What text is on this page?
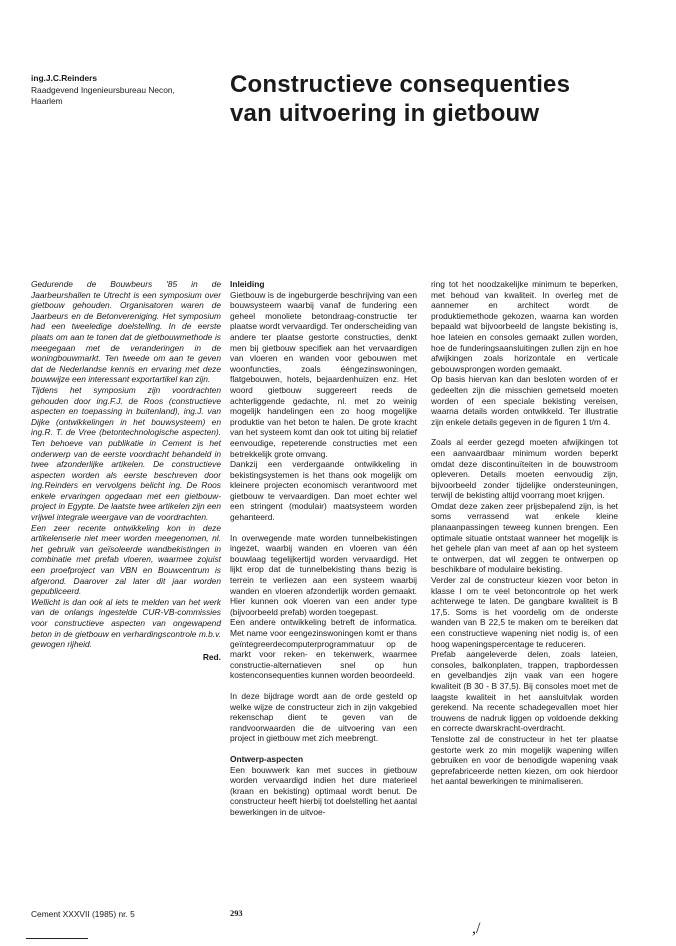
ing.J.C.Reinders
Raadgevend Ingenieursbureau Necon,
Haarlem
Constructieve consequenties
van uitvoering in gietbouw

Gedurende de Bouwbeurs '85 in de Jaarbeurshallen te Utrecht is een symposium over gietbouw gehouden. Organisatoren waren de Jaarbeurs en de Betonvereniging. Het symposium had een tweeledige doelstelling. In de eerste plaats om aan te tonen dat de gietbouwmethode is meegegaan met de veranderingen in de woningbouwmarkt. Ten tweede om aan te geven dat de Nederlandse kennis en ervaring met deze bouwwijze een interessant exportartikel kan zijn.

Tijdens het symposium zijn voordrachten gehouden door ing.F.J. de Roos (constructieve aspecten en toepassing in buitenland), ing.J. van Dijke (ontwikkelingen in het bouwsysteem) en ing.R. T. de Vree (betontechnologische aspecten). Ten behoeve van publikatie in Cement is het onderwerp van de eerste voordracht behandeld in twee afzonderlijke artikelen. De constructieve aspecten worden als eerste beschreven door ing.Reinders en vervolgens belicht ing. De Roos enkele ervaringen opgedaan met een gietbouw-project in Egypte. De laatste twee artikelen zijn een vrijwel integrale weergave van de voordrachten.

Een zeer recente ontwikkeling kon in deze artikelenserie niet meer worden meegenomen, nl. het gebruik van geïsoleerde wandbekistingen in combinatie met prefab vloeren, waarmee zojuist een proefproject van VBN en Bouwcentrum is afgerond. Daarover zal later dit jaar worden gepubliceerd.

Wellicht is dan ook al iets te melden van het werk van de onlangs ingestelde CUR-VB-commissies voor constructieve aspecten van ongewapend beton in de gietbouw en verhardingscontrole m.b.v. gewogen rijheid.

Red.

Inleiding

Gietbouw is de ingeburgerde beschrijving van een bouwsysteem waarbij vanaf de fundering een geheel monoliete betondraag-constructie ter plaatse wordt vervaardigd. Ter onderscheiding van andere ter plaatse gestorte constructies, denkt men bij gietbouw specifiek aan het vervaardigen van vloeren en wanden voor gebouwen met woonfuncties, zoals ééngezinswoningen, flatgebouwen, hotels, bejaardenhuizen enz. Het woord gietbouw suggereert reeds de achterliggende gedachte, nl. met zo weinig mogelijk handelingen een zo hoog mogelijke produktie van het beton te halen. De grote kracht van het systeem komt dan ook tot uiting bij relatief eenvoudige, repeterende constructies met een betrekkelijk grote omvang.

Dankzij een verdergaande ontwikkeling in bekistingsystemen is het thans ook mogelijk om kleinere projecten economisch verantwoord met gietbouw te vervaardigen. Dan moet echter wel een stringent (modulair) maatsysteem worden gehanteerd.

In overwegende mate worden tunnelbekistingen ingezet, waarbij wanden en vloeren van één bouwlaag tegelijkertijd worden vervaardigd. Het lijkt erop dat de tunnelbekisting thans bezig is terrein te verliezen aan een systeem waarbij wanden en vloeren afzonderlijk worden gemaakt. Hier kunnen ook vloeren van een ander type (bijvoorbeeld prefab) worden toegepast.

Een andere ontwikkeling betreft de informatica. Met name voor eengezinswoningen komt er thans geïntegreerdecomputerprogrammatuur op de markt voor reken- en tekenwerk, waarmee constructie-alternatieven snel op hun kostenconsequenties kunnen worden beoordeeld.

In deze bijdrage wordt aan de orde gesteld op welke wijze de constructeur zich in zijn vakgebied rekenschap dient te geven van de randvoorwaarden die de uitvoering van een project in gietbouw met zich meebrengt.

Ontwerp-aspecten

Een bouwwerk kan met succes in gietbouw worden vervaardigd indien het dure materieel (kraan en bekisting) optimaal wordt benut. De constructeur heeft hierbij tot doelstelling het aantal bewerkingen in de uitvoe-

ring tot het noodzakelijke minimum te beperken, met behoud van kwaliteit. In overleg met de aannemer en architect wordt de produktiemethode gekozen, waarna kan worden bepaald wat bijvoorbeeld de langste bekisting is, hoe lateien en consoles gemaakt zullen worden, hoe de funderingsaansluitingen zullen zijn en hoe afwijkingen zoals horizontale en verticale gebouwsprongen worden gemaakt.

Op basis hiervan kan dan besloten worden of er gedeelten zijn die misschien gemetseld moeten worden of een speciale bekisting vereisen, waarna details worden ontwikkeld. Ter illustratie zijn enkele details gegeven in de figuren 1 t/m 4.

Zoals al eerder gezegd moeten afwijkingen tot een aanvaardbaar minimum worden beperkt omdat deze discontinuïteiten in de bouwstroom opleveren. Details moeten eenvoudig zijn, bijvoorbeeld zonder tijdelijke ondersteuningen, terwijl de bekisting altijd voorrang moet krijgen.

Omdat deze zaken zeer prijsbepalend zijn, is het soms verrassend wat enkele kleine planaanpassingen teweeg kunnen brengen. Een optimale situatie ontstaat wanneer het mogelijk is het gehele plan van meet af aan op het systeem te ontwerpen, dat wil zeggen te ontwerpen op beschikbare of modulaire bekisting.

Verder zal de constructeur kiezen voor beton in klasse I om te veel betoncontrole op het werk achterwege te laten. De gangbare kwaliteit is B 17,5. Soms is het voordelig om de onderste wanden van B 22,5 te maken om te bereiken dat een constructieve wapening niet nodig is, of een hoog wapeningspercentage te reduceren.

Prefab aangeleverde delen, zoals lateien, consoles, balkonplaten, trappen, trapbordessen en gevelbandjes zijn vaak van een hogere kwaliteit (B 30 - B 37,5). Bij consoles moet met de laagste kwaliteit in het aansluitvlak worden gerekend. Na recente schadegevallen moet hier trouwens de nadruk liggen op voldoende dekking en correcte dwarskracht-overdracht.

Tenslotte zal de constructeur in het ter plaatse gestorte werk zo min mogelijk wapening willen gebruiken en voor de benodigde wapening vaak geprefabriceerde netten kiezen, om ook hierdoor het aantal bewerkingen te minimaliseren.

Cement XXXVII (1985) nr. 5	293
,/
